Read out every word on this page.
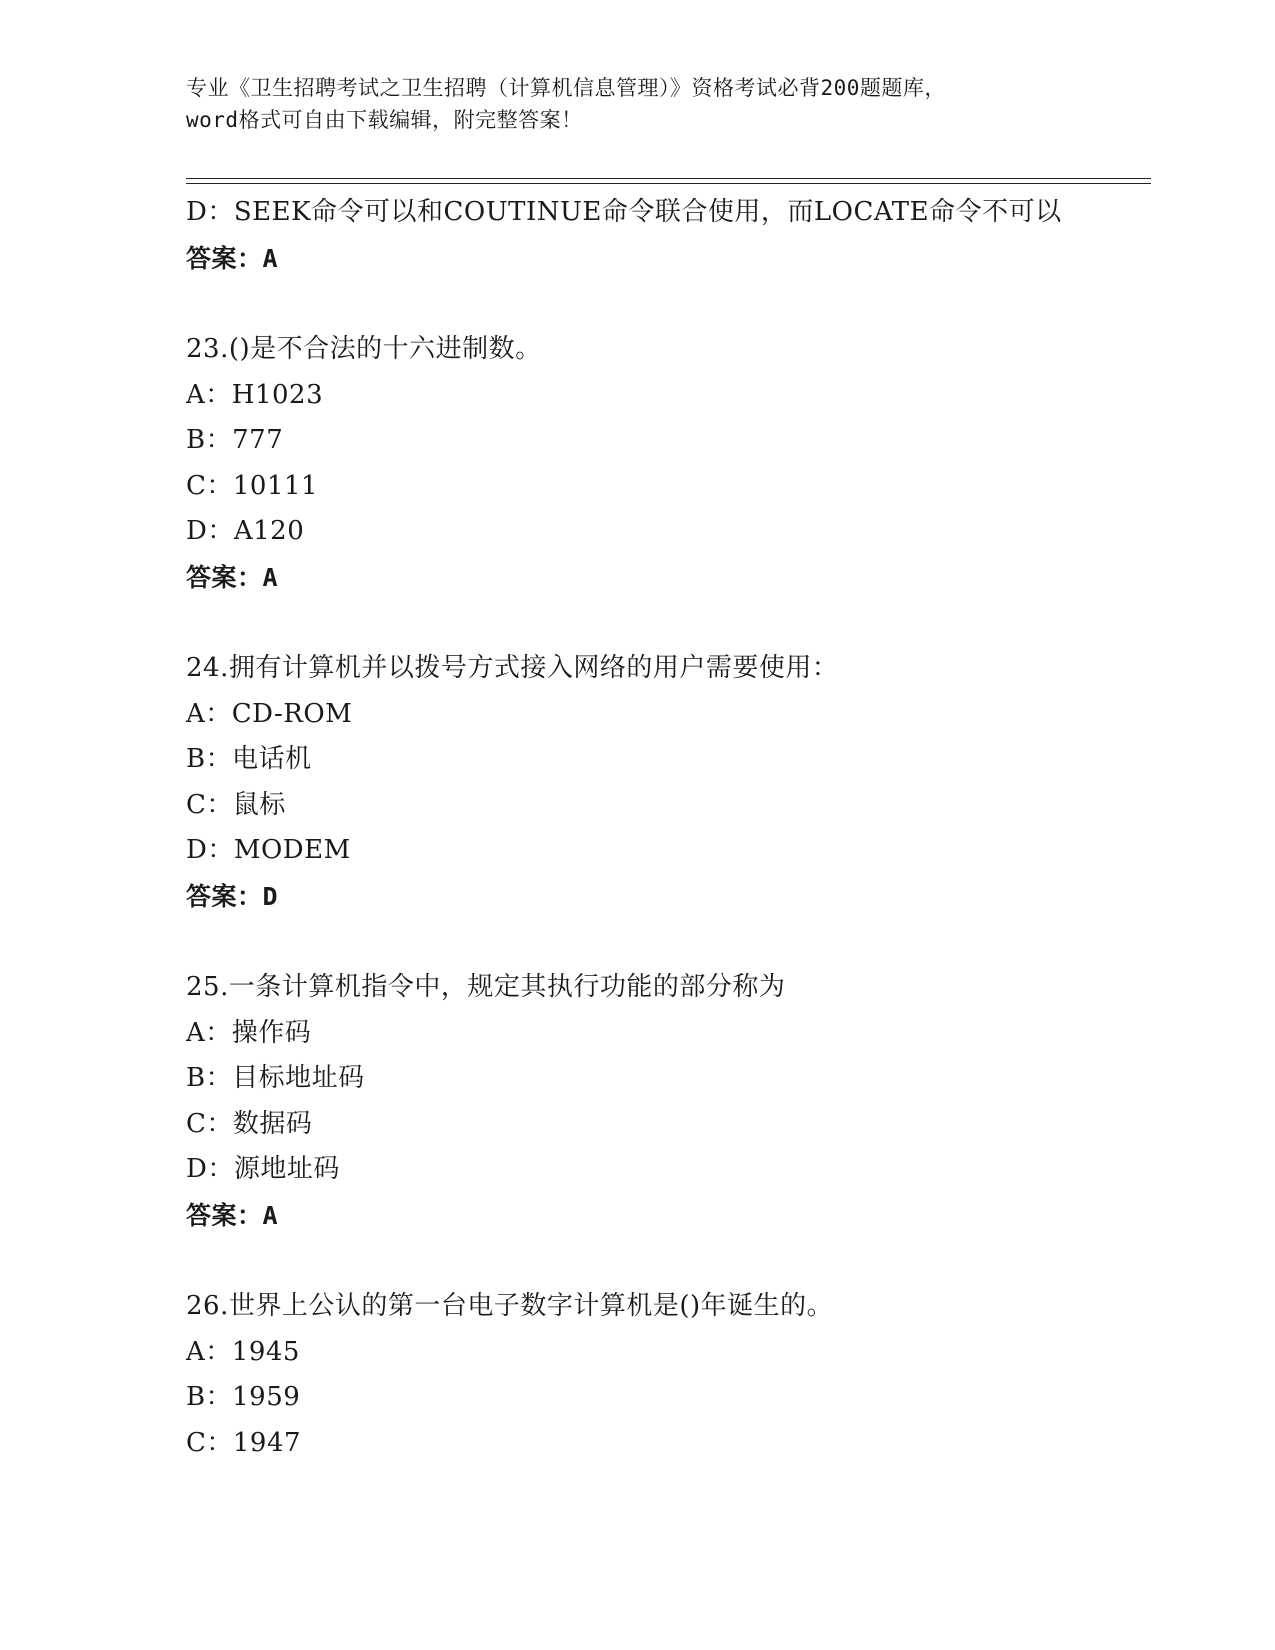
专业《卫生招聘考试之卫生招聘（计算机信息管理）》资格考试必背200题题库，
word格式可自由下载编辑，附完整答案！
D：SEEK命令可以和COUTINUE命令联合使用，而LOCATE命令不可以
答案：A
23.()是不合法的十六进制数。
A：H1023
B：777
C：10111
D：A120
答案：A
24.拥有计算机并以拨号方式接入网络的用户需要使用：
A：CD-ROM
B：电话机
C：鼠标
D：MODEM
答案：D
25.一条计算机指令中，规定其执行功能的部分称为
A：操作码
B：目标地址码
C：数据码
D：源地址码
答案：A
26.世界上公认的第一台电子数字计算机是()年诞生的。
A：1945
B：1959
C：1947
